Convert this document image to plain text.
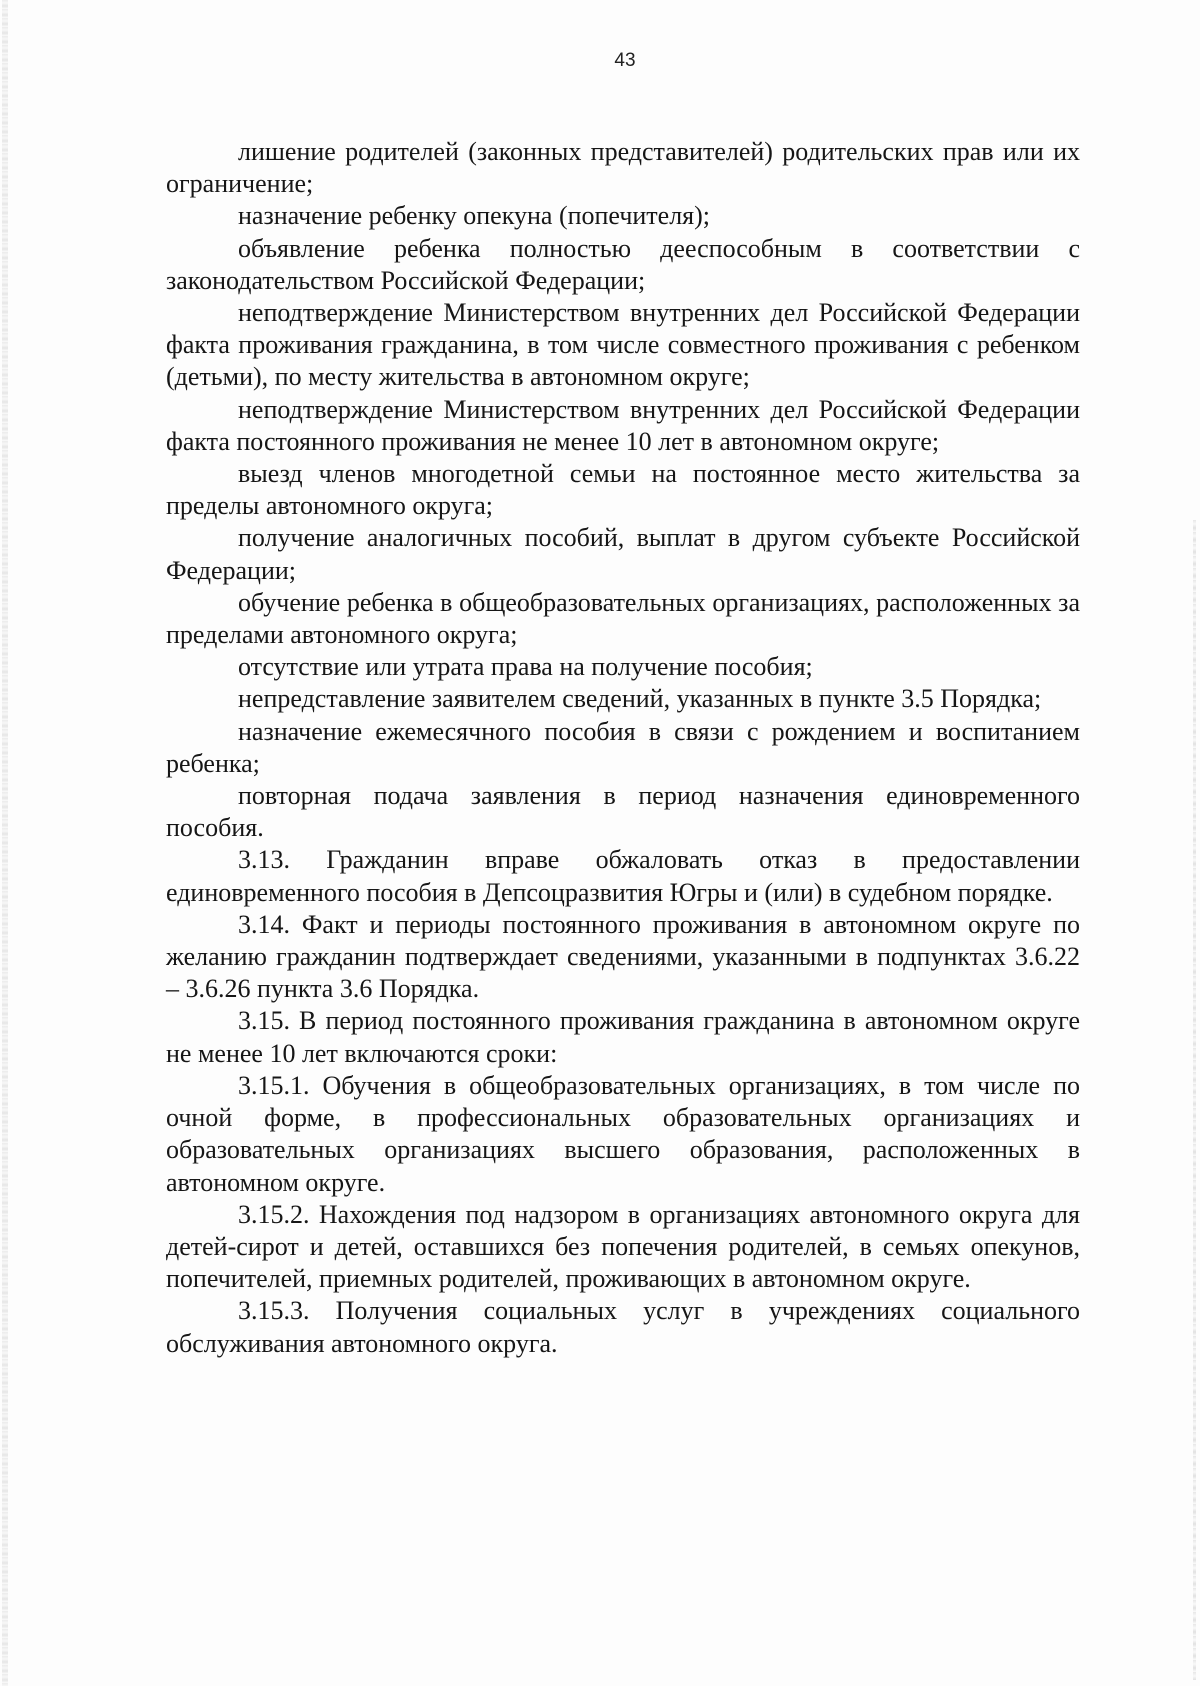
43

лишение родителей (законных представителей) родительских прав или их ограничение;

назначение ребенку опекуна (попечителя);

объявление ребенка полностью дееспособным в соответствии с законодательством Российской Федерации;

неподтверждение Министерством внутренних дел Российской Федерации факта проживания гражданина, в том числе совместного проживания с ребенком (детьми), по месту жительства в автономном округе;

неподтверждение Министерством внутренних дел Российской Федерации факта постоянного проживания не менее 10 лет в автономном округе;

выезд членов многодетной семьи на постоянное место жительства за пределы автономного округа;

получение аналогичных пособий, выплат в другом субъекте Российской Федерации;

обучение ребенка в общеобразовательных организациях, расположенных за пределами автономного округа;

отсутствие или утрата права на получение пособия;

непредставление заявителем сведений, указанных в пункте 3.5 Порядка;

назначение ежемесячного пособия в связи с рождением и воспитанием ребенка;

повторная подача заявления в период назначения единовременного пособия.

3.13. Гражданин вправе обжаловать отказ в предоставлении единовременного пособия в Депсоцразвития Югры и (или) в судебном порядке.

3.14. Факт и периоды постоянного проживания в автономном округе по желанию гражданин подтверждает сведениями, указанными в подпунктах 3.6.22 – 3.6.26 пункта 3.6 Порядка.

3.15. В период постоянного проживания гражданина в автономном округе не менее 10 лет включаются сроки:

3.15.1. Обучения в общеобразовательных организациях, в том числе по очной форме, в профессиональных образовательных организациях и образовательных организациях высшего образования, расположенных в автономном округе.

3.15.2. Нахождения под надзором в организациях автономного округа для детей-сирот и детей, оставшихся без попечения родителей, в семьях опекунов, попечителей, приемных родителей, проживающих в автономном округе.

3.15.3. Получения социальных услуг в учреждениях социального обслуживания автономного округа.
